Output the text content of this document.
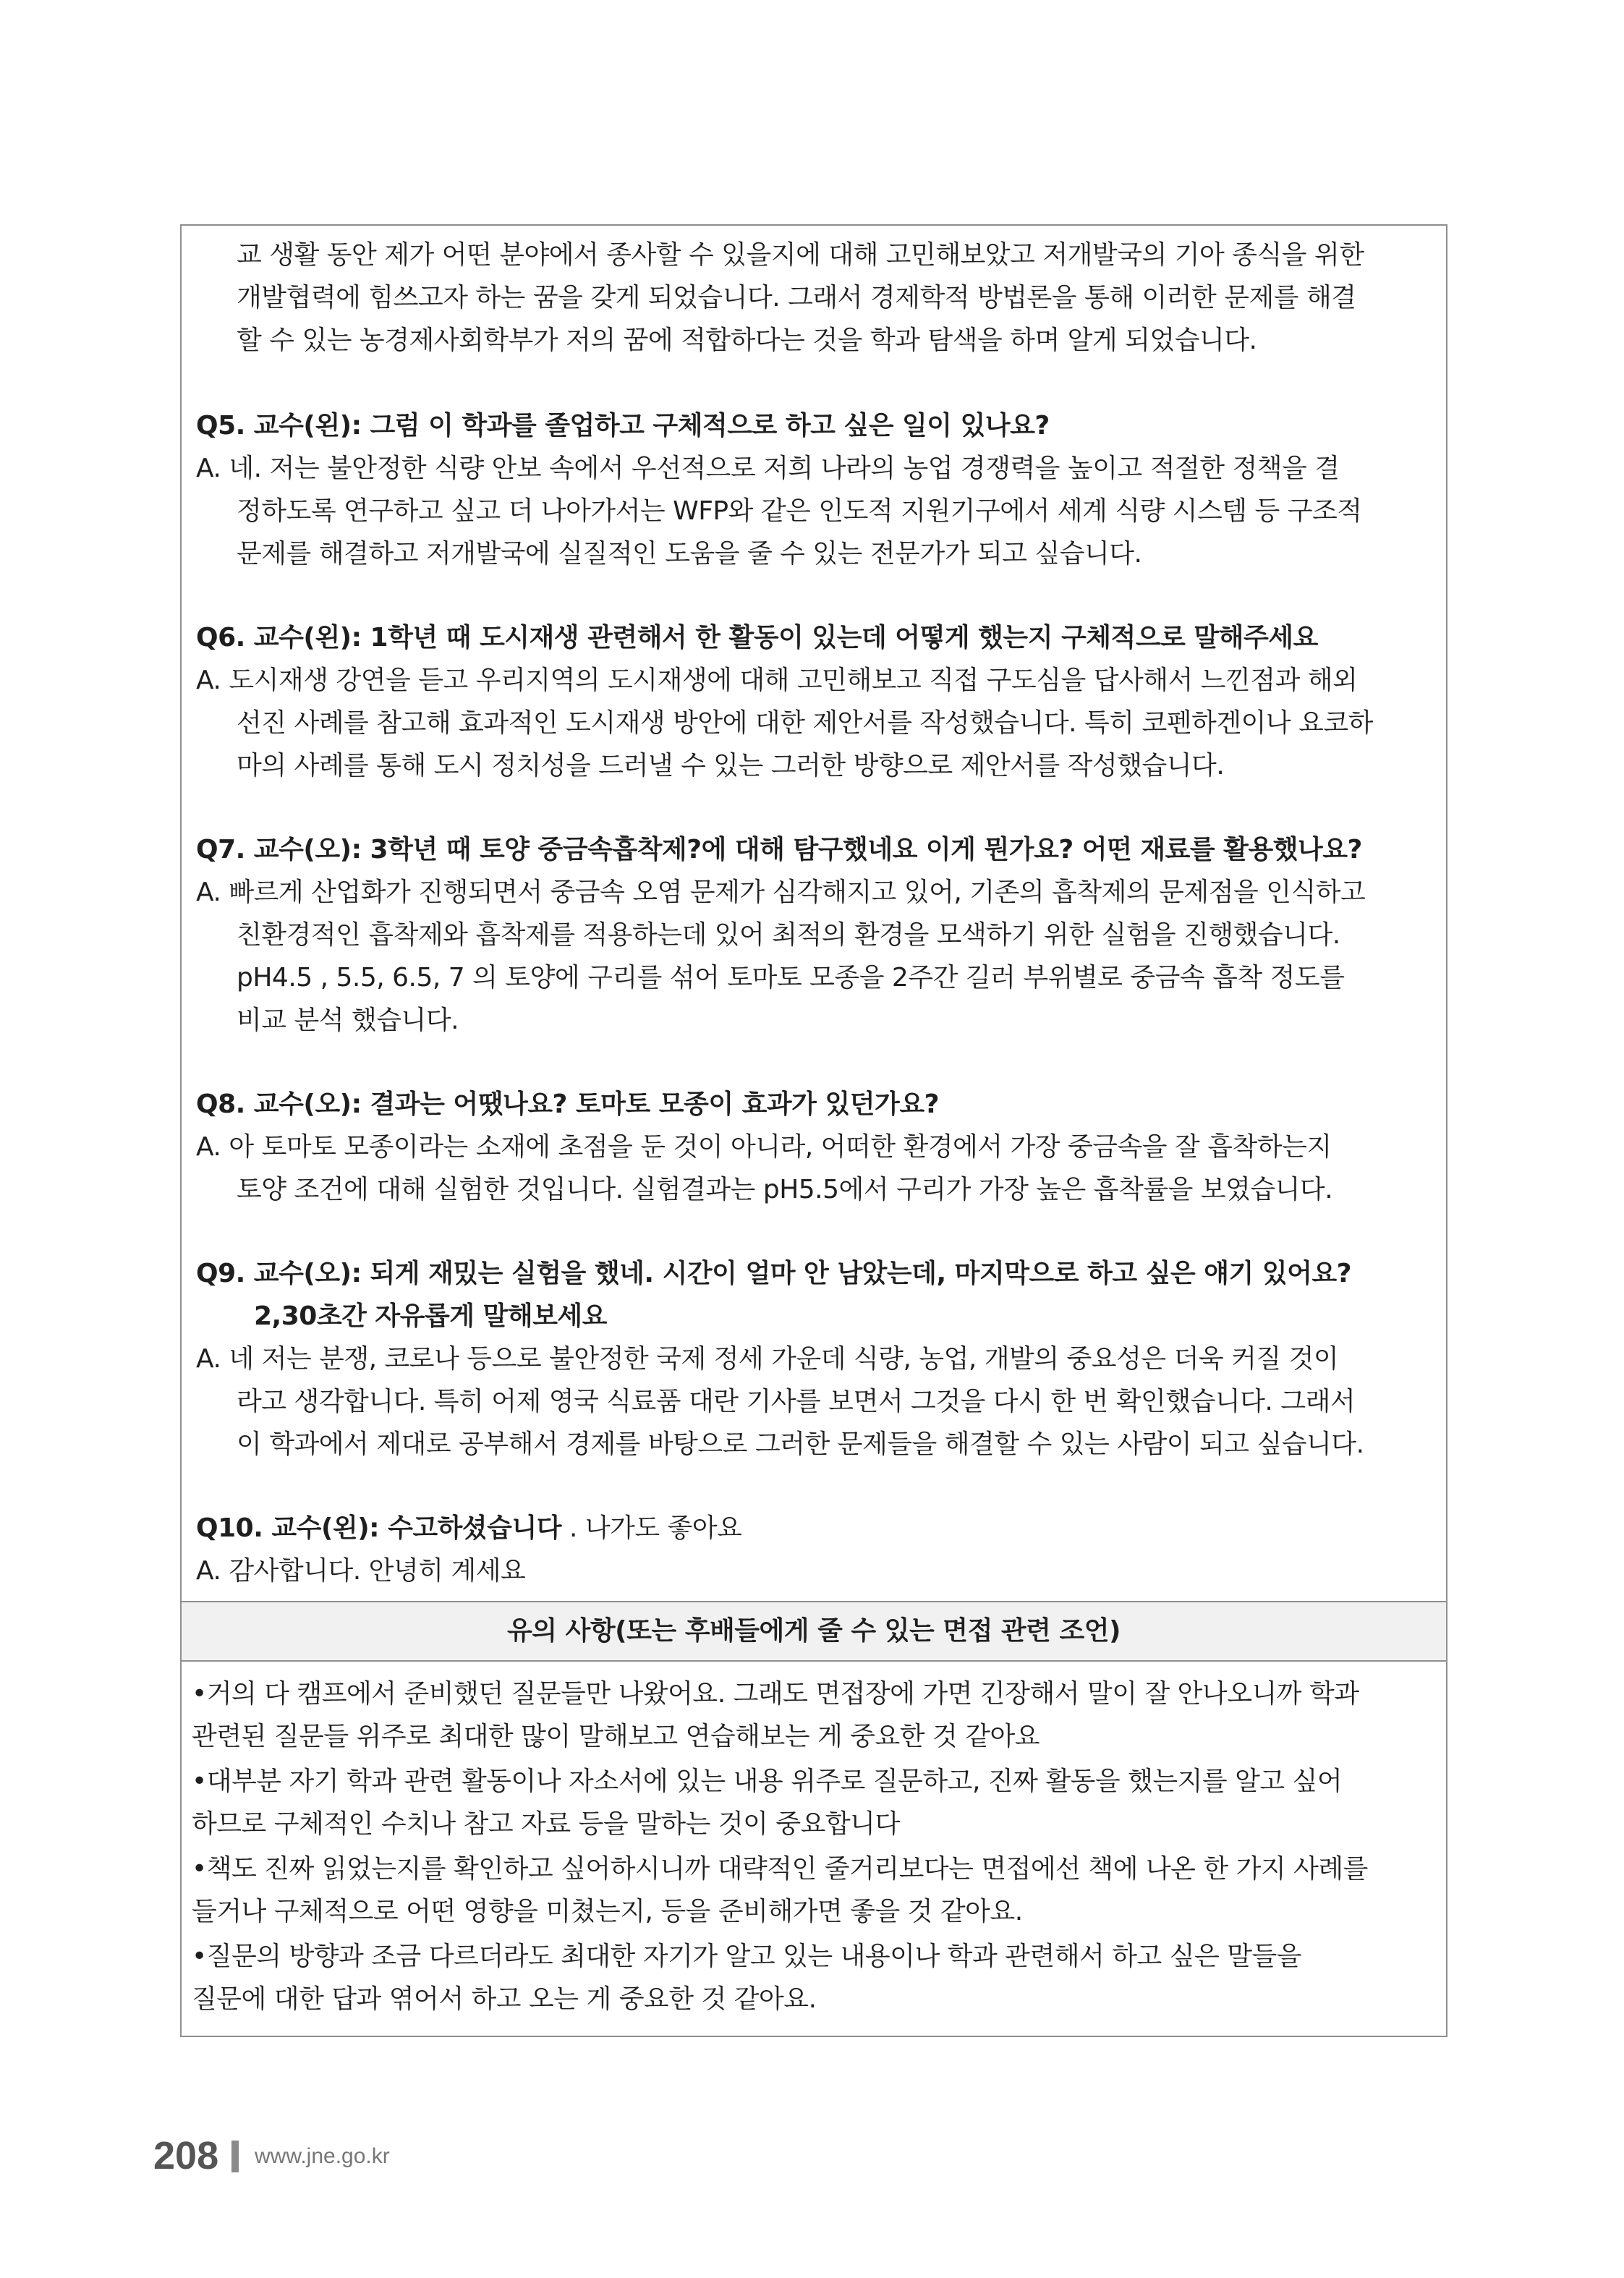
교 생활 동안 제가 어떤 분야에서 종사할 수 있을지에 대해 고민해보았고 저개발국의 기아 종식을 위한
개발협력에 힘쓰고자 하는 꿈을 갖게 되었습니다. 그래서 경제학적 방법론을 통해 이러한 문제를 해결
할 수 있는 농경제사회학부가 저의 꿈에 적합하다는 것을 학과 탐색을 하며 알게 되었습니다.
Q5. 교수(왼): 그럼 이 학과를 졸업하고 구체적으로 하고 싶은 일이 있나요?
A. 네. 저는 불안정한 식량 안보 속에서 우선적으로 저희 나라의 농업 경쟁력을 높이고 적절한 정책을 결
정하도록 연구하고 싶고 더 나아가서는 WFP와 같은 인도적 지원기구에서 세계 식량 시스템 등 구조적
문제를 해결하고 저개발국에 실질적인 도움을 줄 수 있는 전문가가 되고 싶습니다.
Q6. 교수(왼): 1학년 때 도시재생 관련해서 한 활동이 있는데 어떻게 했는지 구체적으로 말해주세요
A. 도시재생 강연을 듣고 우리지역의 도시재생에 대해 고민해보고 직접 구도심을 답사해서 느낀점과 해외
선진 사례를 참고해 효과적인 도시재생 방안에 대한 제안서를 작성했습니다. 특히 코펜하겐이나 요코하
마의 사례를 통해 도시 정치성을 드러낼 수 있는 그러한 방향으로 제안서를 작성했습니다.
Q7. 교수(오): 3학년 때 토양 중금속흡착제?에 대해 탐구했네요 이게 뭔가요? 어떤 재료를 활용했나요?
A. 빠르게 산업화가 진행되면서 중금속 오염 문제가 심각해지고 있어, 기존의 흡착제의 문제점을 인식하고
친환경적인 흡착제와 흡착제를 적용하는데 있어 최적의 환경을 모색하기 위한 실험을 진행했습니다.
pH4.5 , 5.5, 6.5, 7 의 토양에 구리를 섞어 토마토 모종을 2주간 길러 부위별로 중금속 흡착 정도를
비교 분석 했습니다.
Q8. 교수(오): 결과는 어땠나요? 토마토 모종이 효과가 있던가요?
A. 아 토마토 모종이라는 소재에 초점을 둔 것이 아니라, 어떠한 환경에서 가장 중금속을 잘 흡착하는지
토양 조건에 대해 실험한 것입니다. 실험결과는 pH5.5에서 구리가 가장 높은 흡착률을 보였습니다.
Q9. 교수(오): 되게 재밌는 실험을 했네. 시간이 얼마 안 남았는데, 마지막으로 하고 싶은 얘기 있어요?
2,30초간 자유롭게 말해보세요
A. 네 저는 분쟁, 코로나 등으로 불안정한 국제 정세 가운데 식량, 농업, 개발의 중요성은 더욱 커질 것이
라고 생각합니다. 특히 어제 영국 식료품 대란 기사를 보면서 그것을 다시 한 번 확인했습니다. 그래서
이 학과에서 제대로 공부해서 경제를 바탕으로 그러한 문제들을 해결할 수 있는 사람이 되고 싶습니다.
Q10. 교수(왼): 수고하셨습니다 . 나가도 좋아요
A. 감사합니다. 안녕히 계세요
유의 사항(또는 후배들에게 줄 수 있는 면접 관련 조언)
•거의 다 캠프에서 준비했던 질문들만 나왔어요. 그래도 면접장에 가면 긴장해서 말이 잘 안나오니까 학과
관련된 질문들 위주로 최대한 많이 말해보고 연습해보는 게 중요한 것 같아요
•대부분 자기 학과 관련 활동이나 자소서에 있는 내용 위주로 질문하고, 진짜 활동을 했는지를 알고 싶어
하므로 구체적인 수치나 참고 자료 등을 말하는 것이 중요합니다
•책도 진짜 읽었는지를 확인하고 싶어하시니까 대략적인 줄거리보다는 면접에선 책에 나온 한 가지 사례를
들거나 구체적으로 어떤 영향을 미쳤는지, 등을 준비해가면 좋을 것 같아요.
•질문의 방향과 조금 다르더라도 최대한 자기가 알고 있는 내용이나 학과 관련해서 하고 싶은 말들을
질문에 대한 답과 엮어서 하고 오는 게 중요한 것 같아요.
208 www.jne.go.kr
